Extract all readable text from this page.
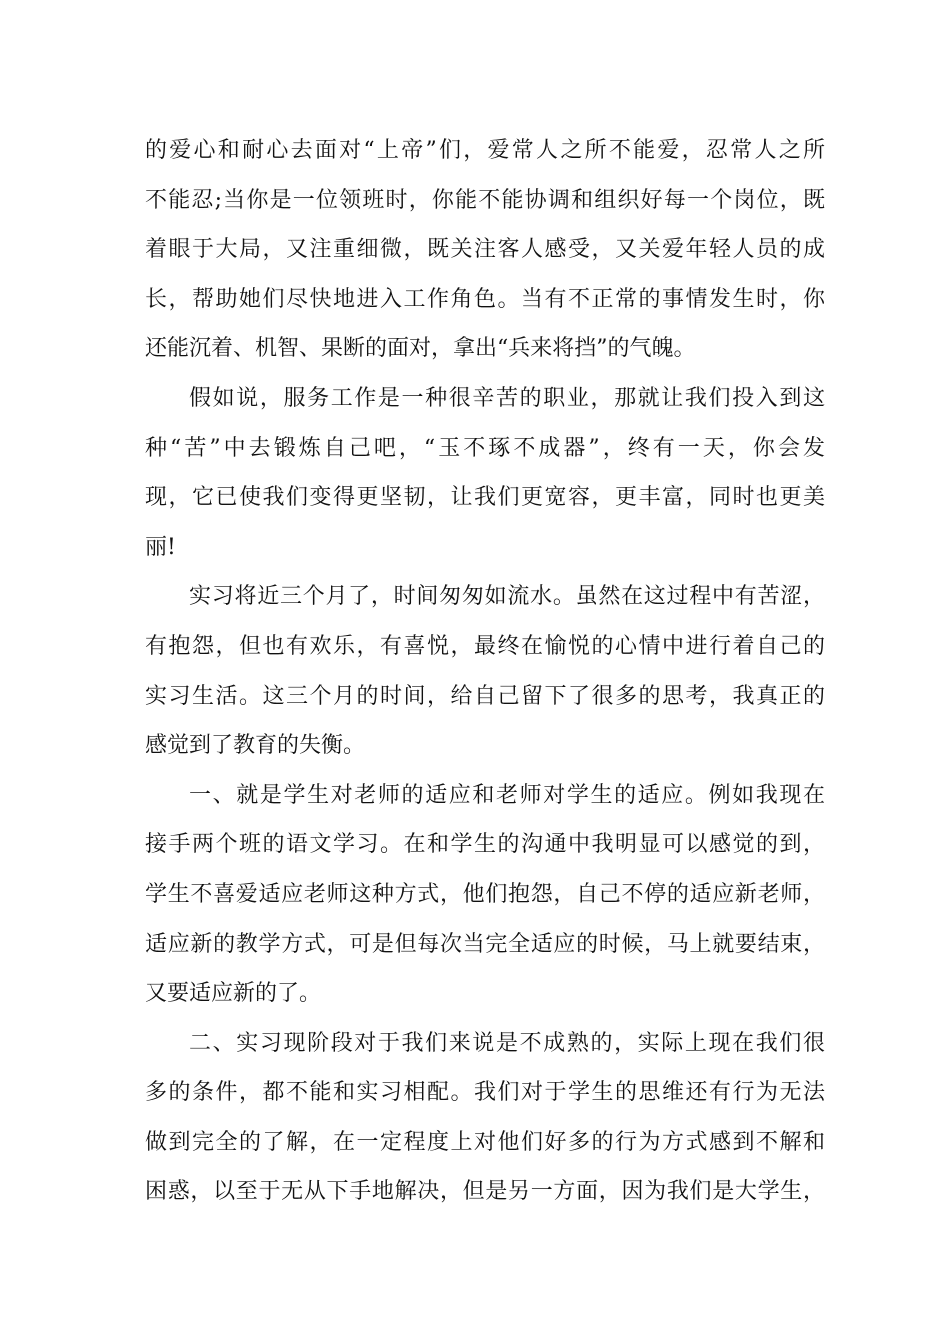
的爱心和耐心去面对“上帝”们，爱常人之所不能爱，忍常人之所
不能忍;当你是一位领班时，你能不能协调和组织好每一个岗位，既
着眼于大局，又注重细微，既关注客人感受，又关爱年轻人员的成
长，帮助她们尽快地进入工作角色。当有不正常的事情发生时，你
还能沉着、机智、果断的面对，拿出“兵来将挡”的气魄。
假如说，服务工作是一种很辛苦的职业，那就让我们投入到这
种“苦”中去锻炼自己吧，“玉不琢不成器”，终有一天，你会发
现，它已使我们变得更坚韧，让我们更宽容，更丰富，同时也更美
丽!
实习将近三个月了，时间匆匆如流水。虽然在这过程中有苦涩，
有抱怨，但也有欢乐，有喜悦，最终在愉悦的心情中进行着自己的
实习生活。这三个月的时间，给自己留下了很多的思考，我真正的
感觉到了教育的失衡。
一、就是学生对老师的适应和老师对学生的适应。例如我现在
接手两个班的语文学习。在和学生的沟通中我明显可以感觉的到，
学生不喜爱适应老师这种方式，他们抱怨，自己不停的适应新老师，
适应新的教学方式，可是但每次当完全适应的时候，马上就要结束，
又要适应新的了。
二、实习现阶段对于我们来说是不成熟的，实际上现在我们很
多的条件，都不能和实习相配。我们对于学生的思维还有行为无法
做到完全的了解，在一定程度上对他们好多的行为方式感到不解和
困惑，以至于无从下手地解决，但是另一方面，因为我们是大学生，
